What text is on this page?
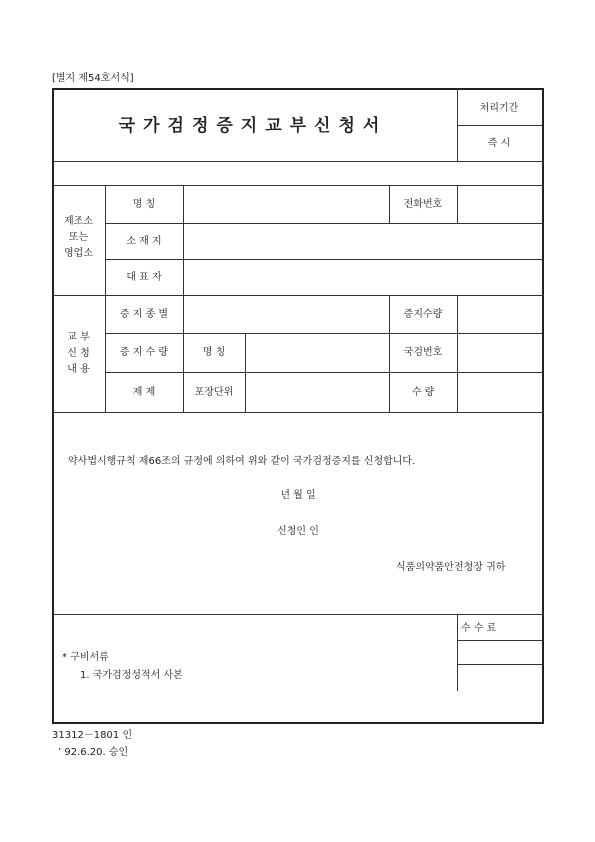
[별지 제54호서식]
국가검정증지교부신청서
처리기간
즉 시
제조소
또는
영업소
명 칭	전화번호
소 재 지
대 표 자
교 부
신 청
내 용
증 지 종 별	증지수량
증 지 수 량	명 칭	국검번호
제 제	포장단위	수 량
약사법시행규칙 제66조의 규정에 의하여 위와 같이 국가검정증지를 신청합니다.
년 월 일
신청인 인
식품의약품안전청장 귀하
수 수 료
* 구비서류
1. 국가검정성적서 사본
31312－1801 인
’ 92.6.20. 승인
